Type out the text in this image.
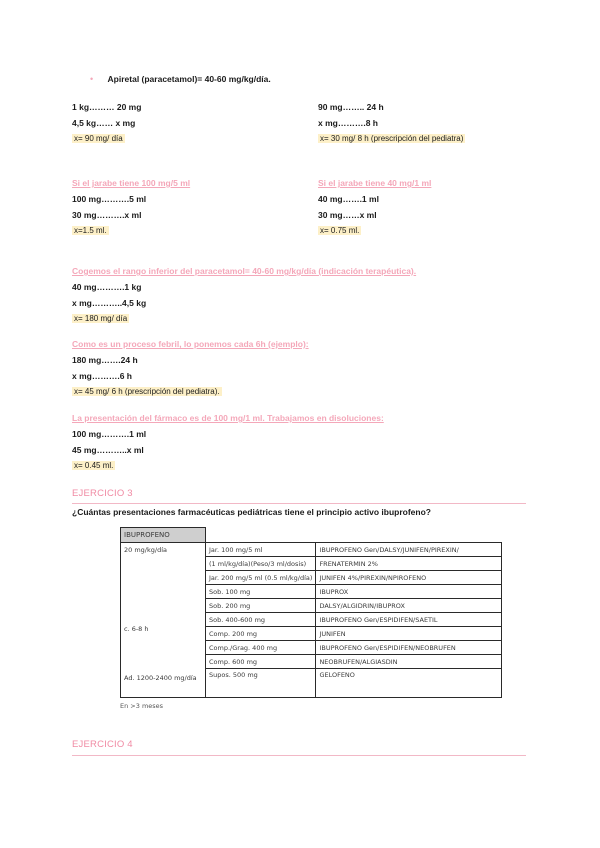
• Apiretal (paracetamol)= 40-60 mg/kg/día.
1 kg……… 20 mg
4,5 kg…… x mg
x= 90 mg/ día
90 mg…….. 24 h
x mg……….8 h
x= 30 mg/ 8 h (prescripción del pediatra)
Si el jarabe tiene 100 mg/5 ml
100 mg……….5 ml
30 mg……….x ml
x=1.5 ml.
Si el jarabe tiene 40 mg/1 ml
40 mg…….1 ml
30 mg……x ml
x= 0.75 ml.
Cogemos el rango inferior del paracetamol= 40-60 mg/kg/día (indicación terapéutica).
40 mg……….1 kg
x mg………..4,5 kg
x= 180 mg/ día
Como es un proceso febril, lo ponemos cada 6h (ejemplo):
180 mg…….24 h
x mg……….6 h
x= 45 mg/ 6 h (prescripción del pediatra).
La presentación del fármaco es de 100 mg/1 ml. Trabajamos en disoluciones:
100 mg……….1 ml
45 mg………..x ml
x= 0.45 ml.
EJERCICIO 3
¿Cuántas presentaciones farmacéuticas pediátricas tiene el principio activo ibuprofeno?
IBUPROFENO		

20 mg/kg/día
c. 6-8 h
Ad. 1200-2400 mg/día	Jar. 100 mg/5 ml	IBUPROFENO Gen/DALSY/JUNIFEN/PIREXIN/
	(1 ml/kg/día)(Peso/3 ml/dosis)	FRENATERMIN 2%
	Jar. 200 mg/5 ml (0.5 ml/kg/día)	JUNIFEN 4%/PIREXIN/NPIROFENO
	Sob. 100 mg	IBUPROX
	Sob. 200 mg	DALSY/ALGIDRIN/IBUPROX
	Sob. 400-600 mg	IBUPROFENO Gen/ESPIDIFEN/SAETIL
	Comp. 200 mg	JUNIFEN
	Comp./Grag. 400 mg	IBUPROFENO Gen/ESPIDIFEN/NEOBRUFEN
	Comp. 600 mg	NEOBRUFEN/ALGIASDIN
	Supos. 500 mg	GELOFENO
En >3 meses
EJERCICIO 4
